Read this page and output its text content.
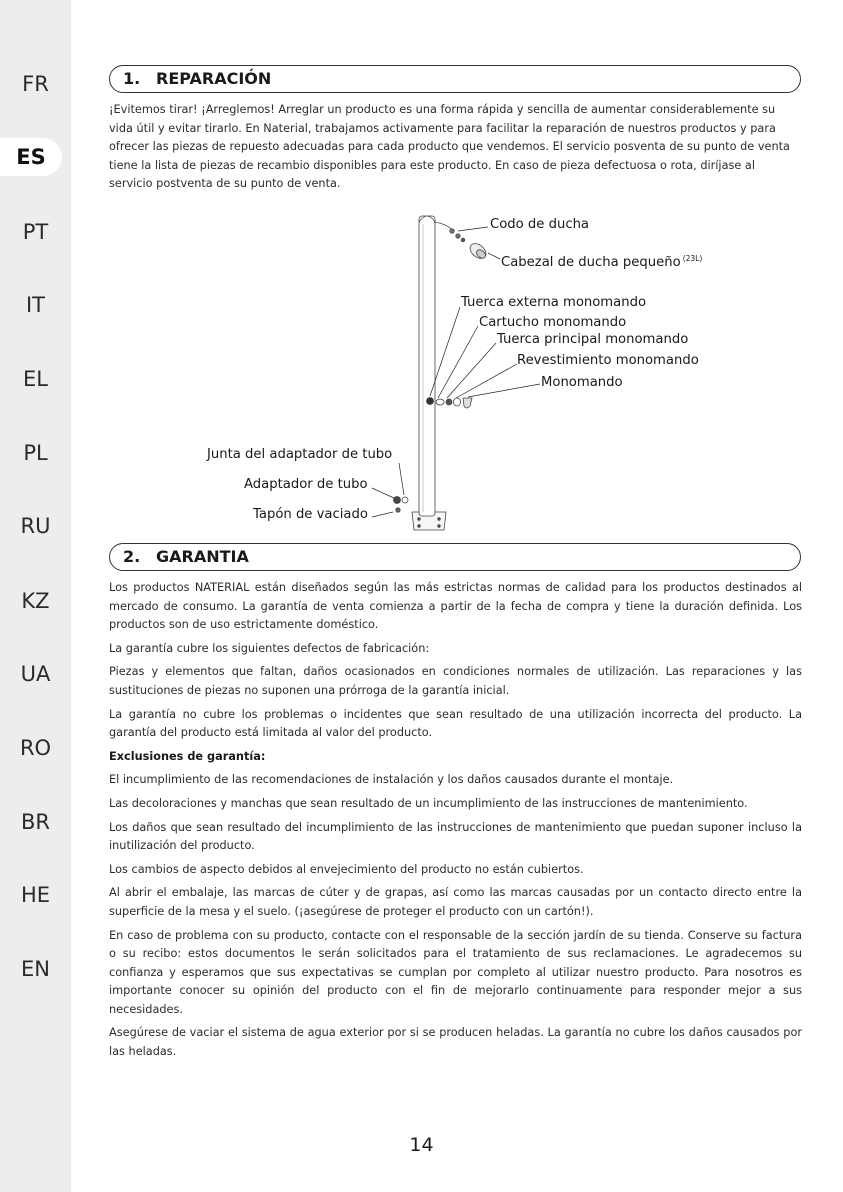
FR
ES
PT
IT
EL
PL
RU
KZ
UA
RO
BR
HE
EN
1. REPARACIÓN

¡Evitemos tirar! ¡Arreglemos! Arreglar un producto es una forma rápida y sencilla de aumentar considerablemente su vida útil y evitar tirarlo. En Naterial, trabajamos activamente para facilitar la reparación de nuestros productos y para ofrecer las piezas de repuesto adecuadas para cada producto que vendemos. El servicio posventa de su punto de venta tiene la lista de piezas de recambio disponibles para este producto. En caso de pieza defectuosa o rota, diríjase al servicio postventa de su punto de venta.

Codo de ducha
Cabezal de ducha pequeño $^{(23L)}$
Tuerca externa monomando
Cartucho monomando
Tuerca principal monomando
Revestimiento monomando
Monomando
Junta del adaptador de tubo
Adaptador de tubo
Tapón de vaciado
2. GARANTIA

Los productos NATERIAL están diseñados según las más estrictas normas de calidad para los productos destinados al mercado de consumo. La garantía de venta comienza a partir de la fecha de compra y tiene la duración definida. Los productos son de uso estrictamente doméstico.

La garantía cubre los siguientes defectos de fabricación:

Piezas y elementos que faltan, daños ocasionados en condiciones normales de utilización. Las reparaciones y las sustituciones de piezas no suponen una prórroga de la garantía inicial.

La garantía no cubre los problemas o incidentes que sean resultado de una utilización incorrecta del producto. La garantía del producto está limitada al valor del producto.

Exclusiones de garantía:

El incumplimiento de las recomendaciones de instalación y los daños causados durante el montaje.

Las decoloraciones y manchas que sean resultado de un incumplimiento de las instrucciones de mantenimiento.

Los daños que sean resultado del incumplimiento de las instrucciones de mantenimiento que puedan suponer incluso la inutilización del producto.

Los cambios de aspecto debidos al envejecimiento del producto no están cubiertos.

Al abrir el embalaje, las marcas de cúter y de grapas, así como las marcas causadas por un contacto directo entre la superficie de la mesa y el suelo. (¡asegúrese de proteger el producto con un cartón!).

En caso de problema con su producto, contacte con el responsable de la sección jardín de su tienda. Conserve su factura o su recibo: estos documentos le serán solicitados para el tratamiento de sus reclamaciones. Le agradecemos su confianza y esperamos que sus expectativas se cumplan por completo al utilizar nuestro producto. Para nosotros es importante conocer su opinión del producto con el fin de mejorarlo continuamente para responder mejor a sus necesidades.

Asegúrese de vaciar el sistema de agua exterior por si se producen heladas. La garantía no cubre los daños causados por las heladas.

14
